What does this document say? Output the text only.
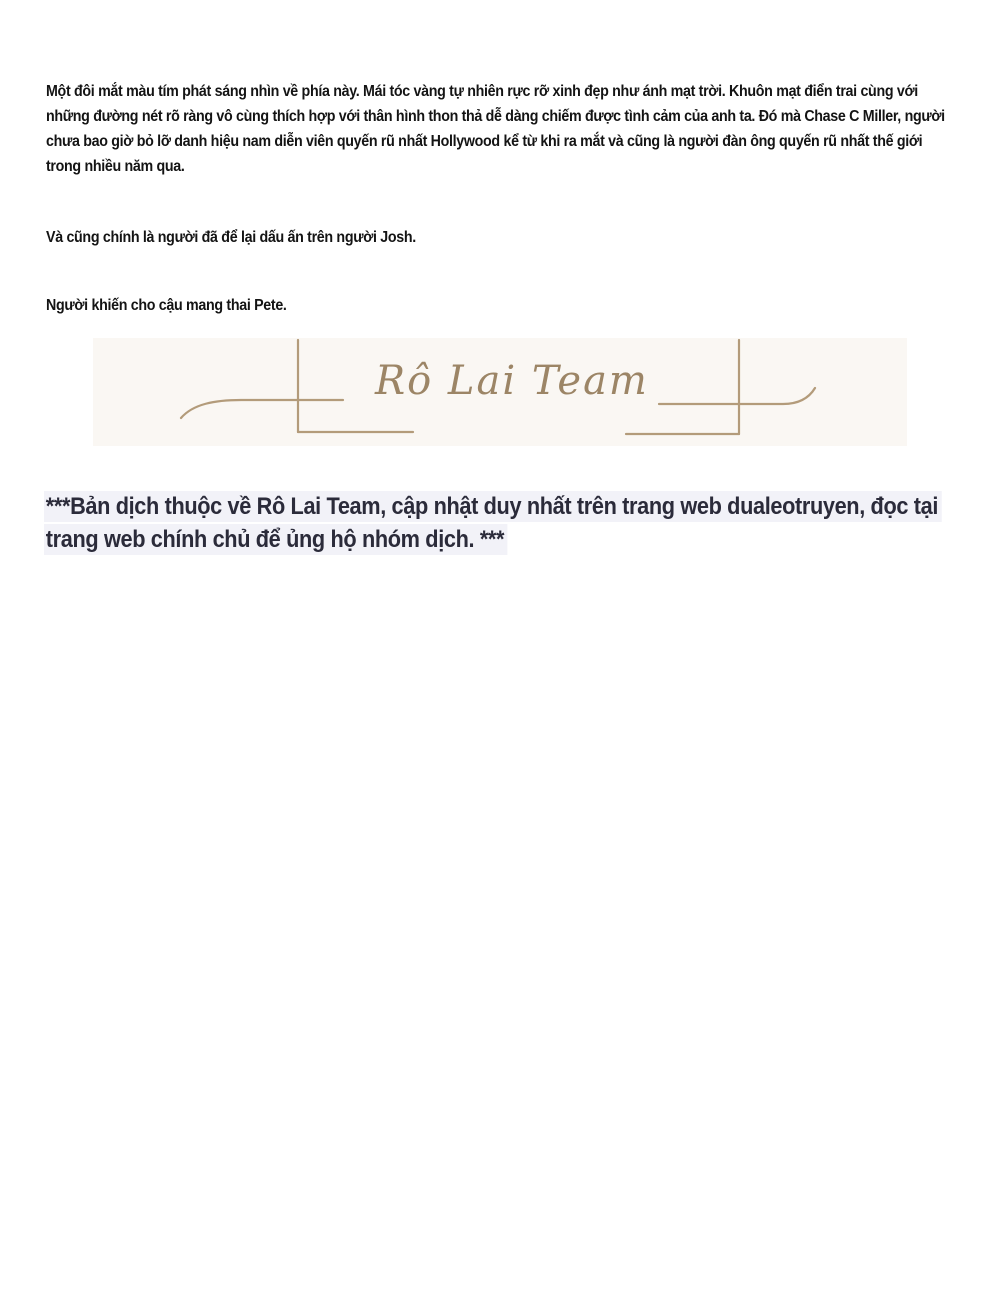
Một đôi mắt màu tím phát sáng nhìn về phía này. Mái tóc vàng tự nhiên rực rỡ xinh đẹp như ánh mạt trời. Khuôn mạt điển trai cùng với những đường nét rõ ràng vô cùng thích hợp với thân hình thon thả dễ dàng chiếm được tình cảm của anh ta. Đó mà Chase C Miller, người chưa bao giờ bỏ lỡ danh hiệu nam diễn viên quyến rũ nhất Hollywood kể từ khi ra mắt và cũng là người đàn ông quyến rũ nhất thế giới trong nhiều năm qua.

Và cũng chính là người đã để lại dấu ấn trên người Josh.

Người khiến cho cậu mang thai Pete.

Rô Lai Team

***Bản dịch thuộc về Rô Lai Team, cập nhật duy nhất trên trang web dualeotruyen, đọc tại trang web chính chủ để ủng hộ nhóm dịch. ***
